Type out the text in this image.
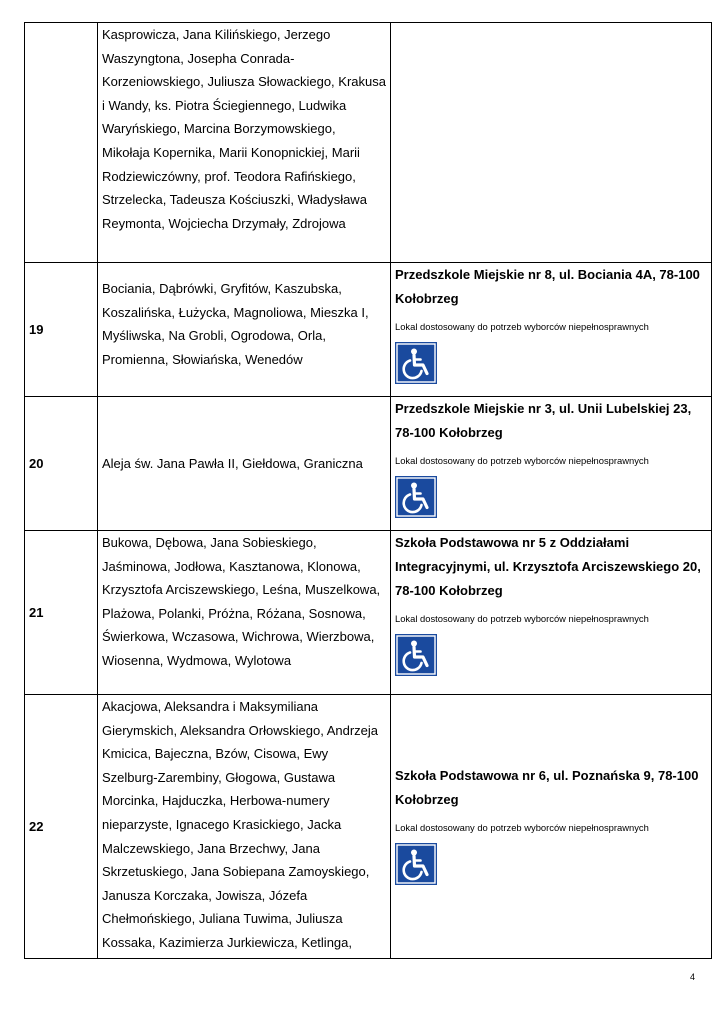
	Kasprowicza, Jana Kilińskiego, Jerzego Waszyngtona, Josepha Conrada-Korzeniowskiego, Juliusza Słowackiego, Krakusa i Wandy, ks. Piotra Ściegiennego, Ludwika Waryńskiego, Marcina Borzymowskiego, Mikołaja Kopernika, Marii Konopnickiej, Marii Rodziewiczówny, prof. Teodora Rafińskiego, Strzelecka, Tadeusza Kościuszki, Władysława Reymonta, Wojciecha Drzymały, Zdrojowa	
19	Bociania, Dąbrówki, Gryfitów, Kaszubska, Koszalińska, Łużycka, Magnoliowa, Mieszka I, Myśliwska, Na Grobli, Ogrodowa, Orla, Promienna, Słowiańska, Wenedów	Przedszkole Miejskie nr 8, ul. Bociania 4A, 78-100 Kołobrzeg
Lokal dostosowany do potrzeb wyborców niepełnosprawnych

20	Aleja św. Jana Pawła II, Giełdowa, Graniczna	Przedszkole Miejskie nr 3, ul. Unii Lubelskiej 23, 78-100 Kołobrzeg
Lokal dostosowany do potrzeb wyborców niepełnosprawnych

21	Bukowa, Dębowa, Jana Sobieskiego, Jaśminowa, Jodłowa, Kasztanowa, Klonowa, Krzysztofa Arciszewskiego, Leśna, Muszelkowa, Plażowa, Polanki, Próżna, Różana, Sosnowa, Świerkowa, Wczasowa, Wichrowa, Wierzbowa, Wiosenna, Wydmowa, Wylotowa	Szkoła Podstawowa nr 5 z Oddziałami Integracyjnymi, ul. Krzysztofa Arciszewskiego 20, 78-100 Kołobrzeg
Lokal dostosowany do potrzeb wyborców niepełnosprawnych

22	Akacjowa, Aleksandra i Maksymiliana Gierymskich, Aleksandra Orłowskiego, Andrzeja Kmicica, Bajeczna, Bzów, Cisowa, Ewy Szelburg-Zarembiny, Głogowa, Gustawa Morcinka, Hajduczka, Herbowa-numery nieparzyste, Ignacego Krasickiego, Jacka Malczewskiego, Jana Brzechwy, Jana Skrzetuskiego, Jana Sobiepana Zamoyskiego, Janusza Korczaka, Jowisza, Józefa Chełmońskiego, Juliana Tuwima, Juliusza Kossaka, Kazimierza Jurkiewicza, Ketlinga,	Szkoła Podstawowa nr 6, ul. Poznańska 9, 78-100 Kołobrzeg
Lokal dostosowany do potrzeb wyborców niepełnosprawnych
4
